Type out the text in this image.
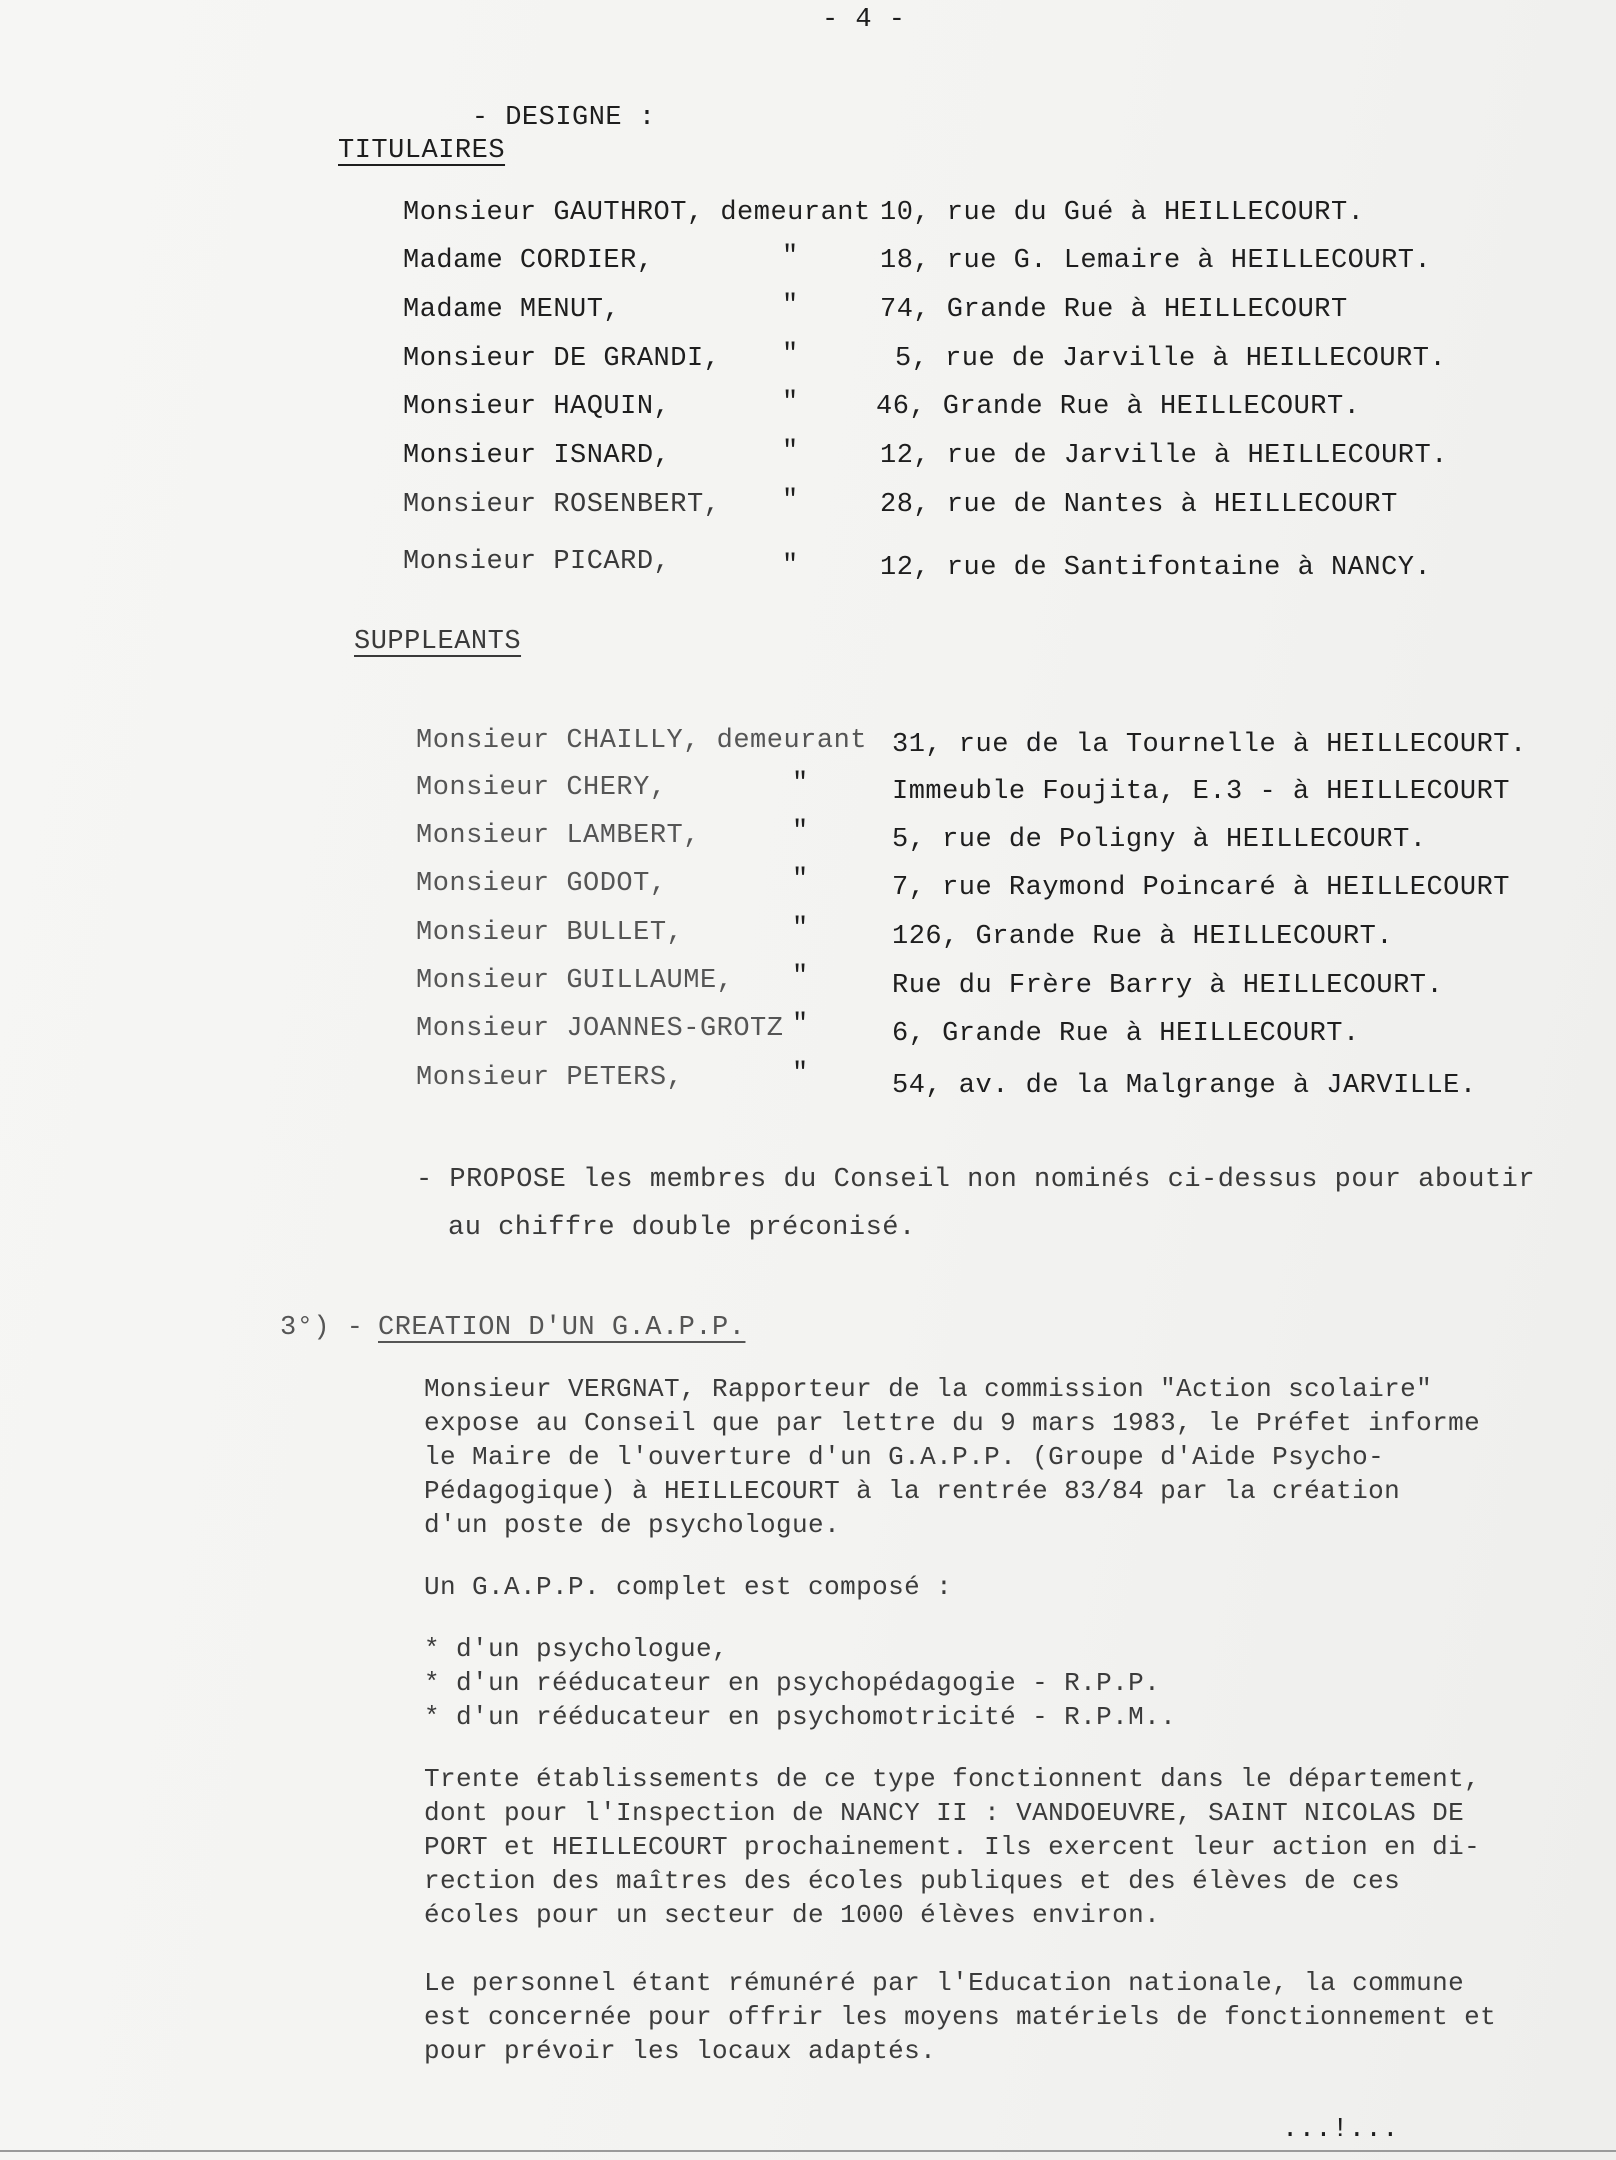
- 4 -

- DESIGNE :

TITULAIRES
Monsieur GAUTHROT, demeurant 10, rue du Gué à HEILLECOURT.
Madame CORDIER,	"	18, rue G. Lemaire à HEILLECOURT.
Madame MENUT,	"	74, Grande Rue à HEILLECOURT
Monsieur DE GRANDI, "	5, rue de Jarville à HEILLECOURT.
Monsieur HAQUIN,	"	46, Grande Rue à HEILLECOURT.
Monsieur ISNARD,	"	12, rue de Jarville à HEILLECOURT.
Monsieur ROSENBERT, "	28, rue de Nantes à HEILLECOURT
Monsieur PICARD,	"	12, rue de Santifontaine à NANCY.
SUPPLEANTS
Monsieur CHAILLY, demeurant 31, rue de la Tournelle à HEILLECOURT.
Monsieur CHERY,	"	Immeuble Foujita, E.3 - à HEILLECOURT
Monsieur LAMBERT,	"	5, rue de Poligny à HEILLECOURT.
Monsieur GODOT,	"	7, rue Raymond Poincaré à HEILLECOURT
Monsieur BULLET,	"	126, Grande Rue à HEILLECOURT.
Monsieur GUILLAUME, "	Rue du Frère Barry à HEILLECOURT.
Monsieur JOANNES-GROTZ "	6, Grande Rue à HEILLECOURT.
Monsieur PETERS,	"	54, av. de la Malgrange à JARVILLE.
- PROPOSE les membres du Conseil non nominés ci-dessus pour aboutir
au chiffre double préconisé.
3°) - CREATION D'UN G.A.P.P.
Monsieur VERGNAT, Rapporteur de la commission "Action scolaire"
expose au Conseil que par lettre du 9 mars 1983, le Préfet informe
le Maire de l'ouverture d'un G.A.P.P. (Groupe d'Aide Psycho-
Pédagogique) à HEILLECOURT à la rentrée 83/84 par la création
d'un poste de psychologue.
Un G.A.P.P. complet est composé :
* d'un psychologue,
* d'un rééducateur en psychopédagogie - R.P.P.
* d'un rééducateur en psychomotricité - R.P.M..
Trente établissements de ce type fonctionnent dans le département,
dont pour l'Inspection de NANCY II : VANDOEUVRE, SAINT NICOLAS DE
PORT et HEILLECOURT prochainement. Ils exercent leur action en di-
rection des maîtres des écoles publiques et des élèves de ces
écoles pour un secteur de 1000 élèves environ.
Le personnel étant rémunéré par l'Education nationale, la commune
est concernée pour offrir les moyens matériels de fonctionnement et
pour prévoir les locaux adaptés.
...!...
